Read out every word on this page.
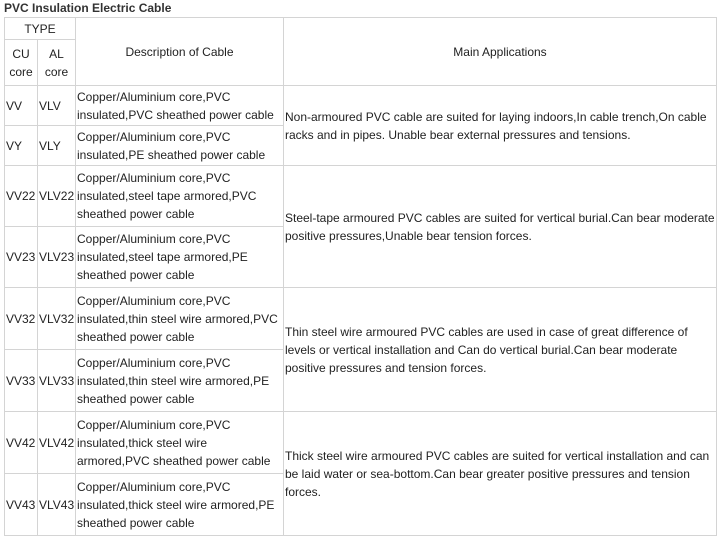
PVC Insulation Electric Cable
TYPE		Description of Cable	Main Applications
CU core	AL core		
VV	VLV	Copper/Aluminium core,PVC insulated,PVC sheathed power cable	Non-armoured PVC cable are suited for laying indoors,In cable trench,On cable racks and in pipes. Unable bear external pressures and tensions.
VY	VLY	Copper/Aluminium core,PVC insulated,PE sheathed power cable	
VV22	VLV22	Copper/Aluminium core,PVC insulated,steel tape armored,PVC sheathed power cable	Steel-tape armoured PVC cables are suited for vertical burial.Can bear moderate positive pressures,Unable bear tension forces.
VV23	VLV23	Copper/Aluminium core,PVC insulated,steel tape armored,PE sheathed power cable	
VV32	VLV32	Copper/Aluminium core,PVC insulated,thin steel wire armored,PVC sheathed power cable	Thin steel wire armoured PVC cables are used in case of great difference of levels or vertical installation and Can do vertical burial.Can bear moderate positive pressures and tension forces.
VV33	VLV33	Copper/Aluminium core,PVC insulated,thin steel wire armored,PE sheathed power cable	
VV42	VLV42	Copper/Aluminium core,PVC insulated,thick steel wire armored,PVC sheathed power cable	Thick steel wire armoured PVC cables are suited for vertical installation and can be laid water or sea-bottom.Can bear greater positive pressures and tension forces.
VV43	VLV43	Copper/Aluminium core,PVC insulated,thick steel wire armored,PE sheathed power cable	
